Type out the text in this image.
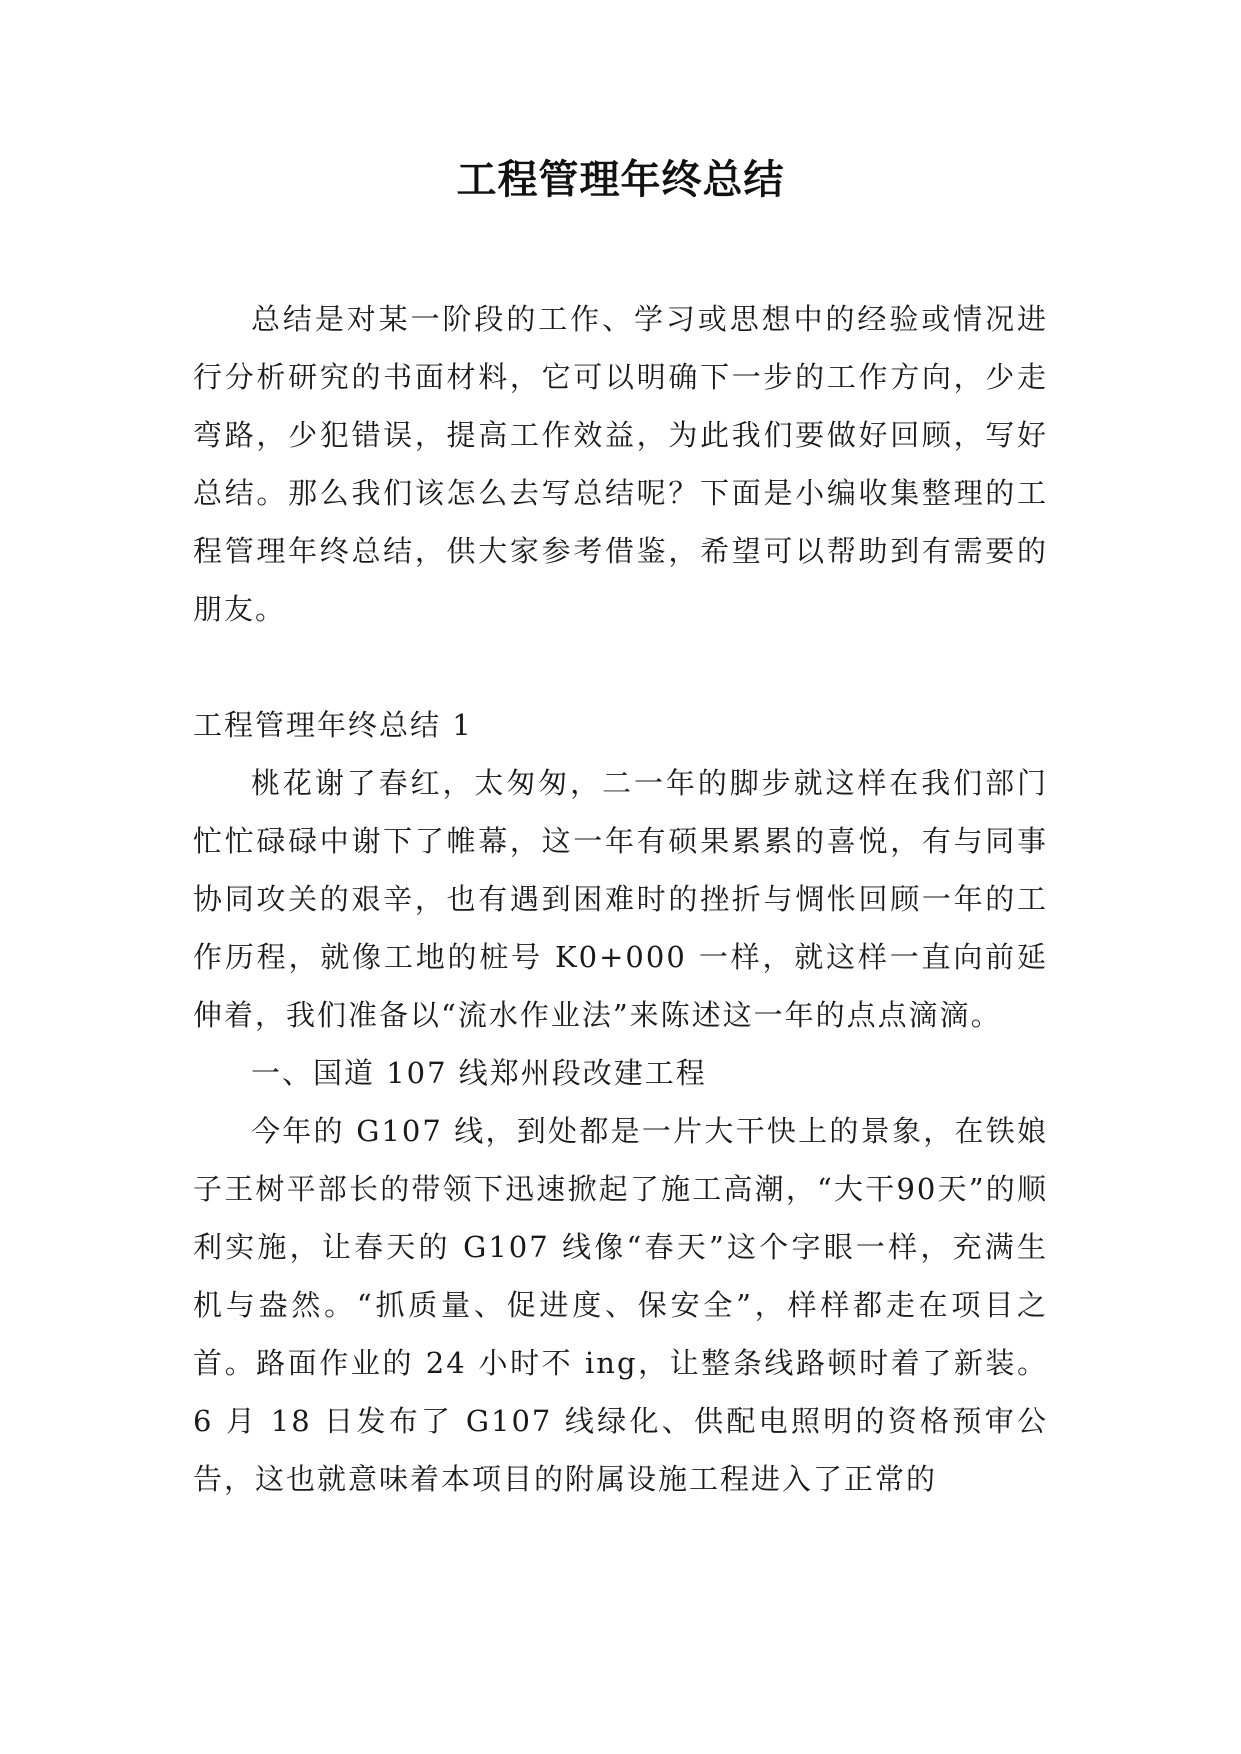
工程管理年终总结

总结是对某一阶段的工作、学习或思想中的经验或情况进行分析研究的书面材料，它可以明确下一步的工作方向，少走弯路，少犯错误，提高工作效益，为此我们要做好回顾，写好总结。那么我们该怎么去写总结呢？下面是小编收集整理的工程管理年终总结，供大家参考借鉴，希望可以帮助到有需要的朋友。

工程管理年终总结 1

桃花谢了春红，太匆匆，二一年的脚步就这样在我们部门忙忙碌碌中谢下了帷幕，这一年有硕果累累的喜悦，有与同事协同攻关的艰辛，也有遇到困难时的挫折与惆怅回顾一年的工作历程，就像工地的桩号 K0+000 一样，就这样一直向前延伸着，我们准备以“流水作业法”来陈述这一年的点点滴滴。

一、国道 107 线郑州段改建工程

今年的 G107 线，到处都是一片大干快上的景象，在铁娘子王树平部长的带领下迅速掀起了施工高潮，“大干90天”的顺利实施，让春天的 G107 线像“春天”这个字眼一样，充满生机与盎然。“抓质量、促进度、保安全”，样样都走在项目之首。路面作业的 24 小时不 ing，让整条线路顿时着了新装。6 月 18 日发布了 G107 线绿化、供配电照明的资格预审公告，这也就意味着本项目的附属设施工程进入了正常的
